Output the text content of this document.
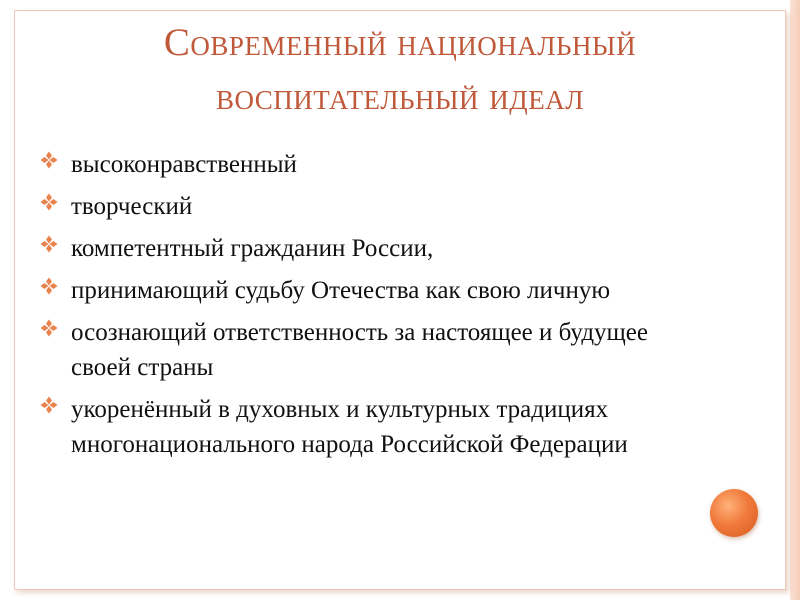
Современный национальный
воспитательный идеал
высоконравственный
творческий
компетентный гражданин России,
принимающий судьбу Отечества как свою личную
осознающий ответственность за настоящее и будущее своей страны
укоренённый в духовных и культурных традициях многонационального народа Российской Федерации
